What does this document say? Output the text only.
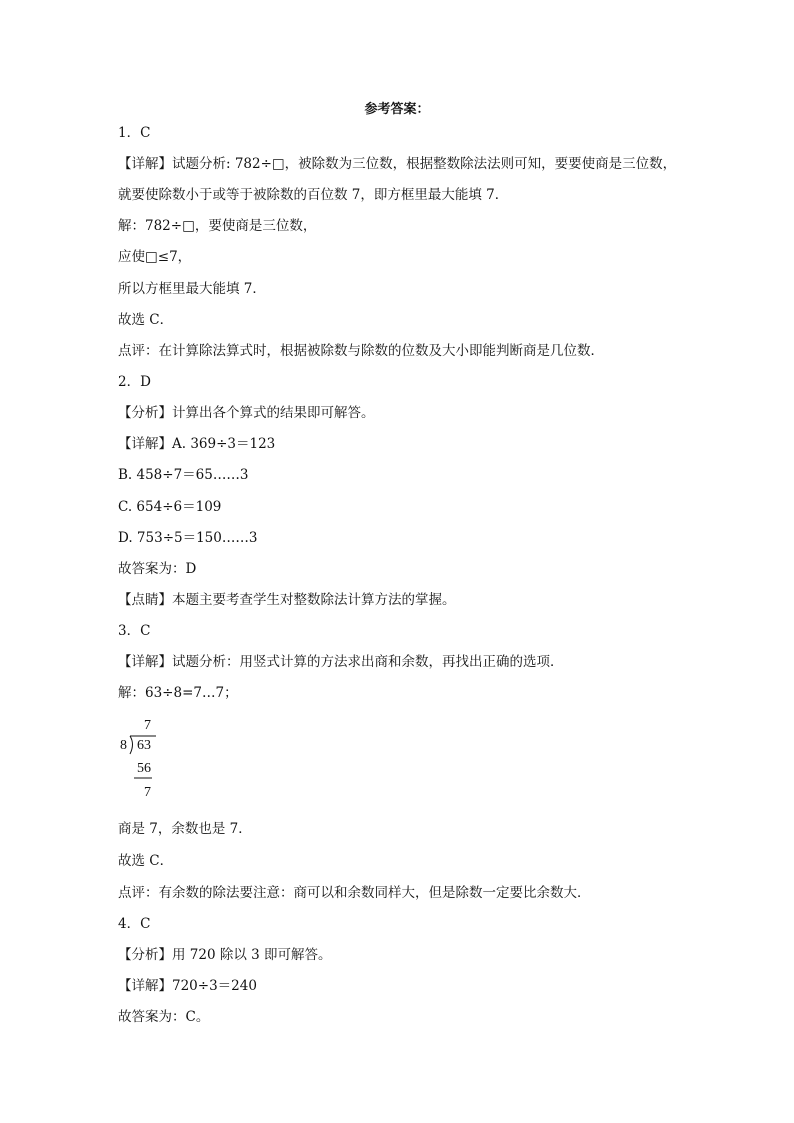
参考答案：
1．C
【详解】试题分析: 782÷□，被除数为三位数，根据整数除法法则可知，要要使商是三位数，
就要使除数小于或等于被除数的百位数 7，即方框里最大能填 7．
解：782÷□，要使商是三位数，
应使□≤7，
所以方框里最大能填 7．
故选 C．
点评：在计算除法算式时，根据被除数与除数的位数及大小即能判断商是几位数．
2．D
【分析】计算出各个算式的结果即可解答。
【详解】A. 369÷3＝123
B. 458÷7＝65……3
C. 654÷6＝109
D. 753÷5＝150……3
故答案为：D
【点睛】本题主要考查学生对整数除法计算方法的掌握。
3．C
【详解】试题分析：用竖式计算的方法求出商和余数，再找出正确的选项．
解：63÷8=7…7；
7
8 63
56
7
商是 7，余数也是 7．
故选 C．
点评：有余数的除法要注意：商可以和余数同样大，但是除数一定要比余数大．
4．C
【分析】用 720 除以 3 即可解答。
【详解】720÷3＝240
故答案为：C。
